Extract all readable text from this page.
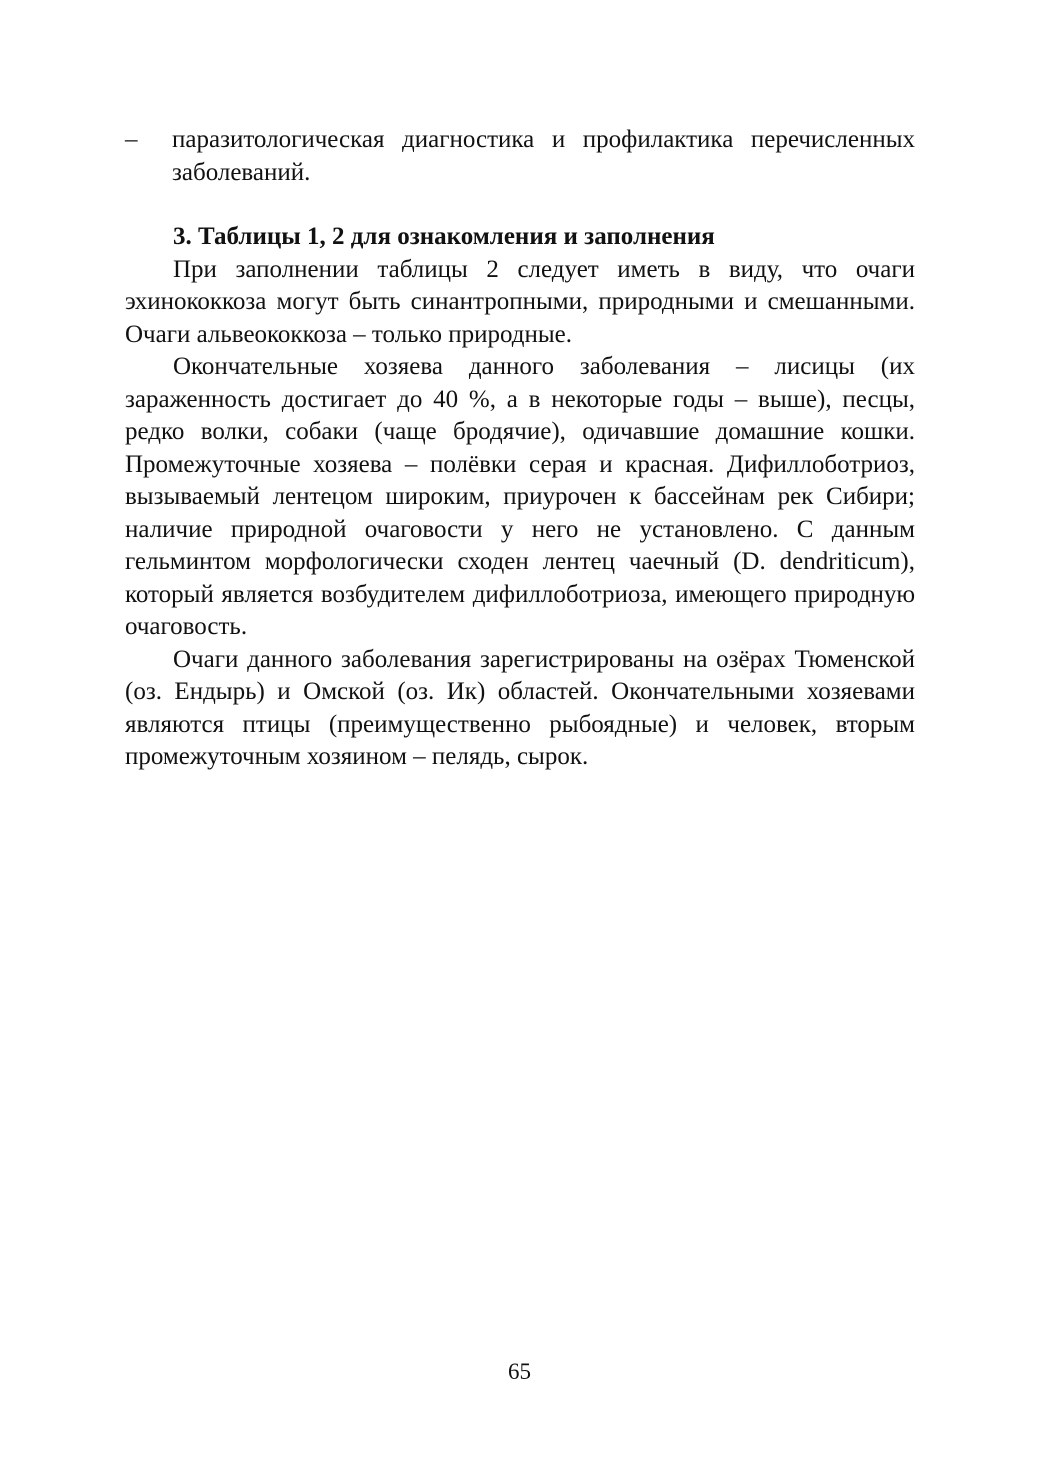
– паразитологическая диагностика и профилактика перечисленных заболеваний.

3. Таблицы 1, 2 для ознакомления и заполнения

При заполнении таблицы 2 следует иметь в виду, что очаги эхинококкоза могут быть синантропными, природными и смешанными. Очаги альвеококкоза – только природные.

Окончательные хозяева данного заболевания – лисицы (их зараженность достигает до 40 %, а в некоторые годы – выше), песцы, редко волки, собаки (чаще бродячие), одичавшие домашние кошки. Промежуточные хозяева – полёвки серая и красная. Дифиллоботриоз, вызываемый лентецом широким, приурочен к бассейнам рек Сибири; наличие природной очаговости у него не установлено. С данным гельминтом морфологически сходен лентец чаечный (D. dendriticum), который является возбудителем дифиллоботриоза, имеющего природную очаговость.

Очаги данного заболевания зарегистрированы на озёрах Тюменской (оз. Ендырь) и Омской (оз. Ик) областей. Окончательными хозяевами являются птицы (преимущественно рыбоядные) и человек, вторым промежуточным хозяином – пелядь, сырок.

65
